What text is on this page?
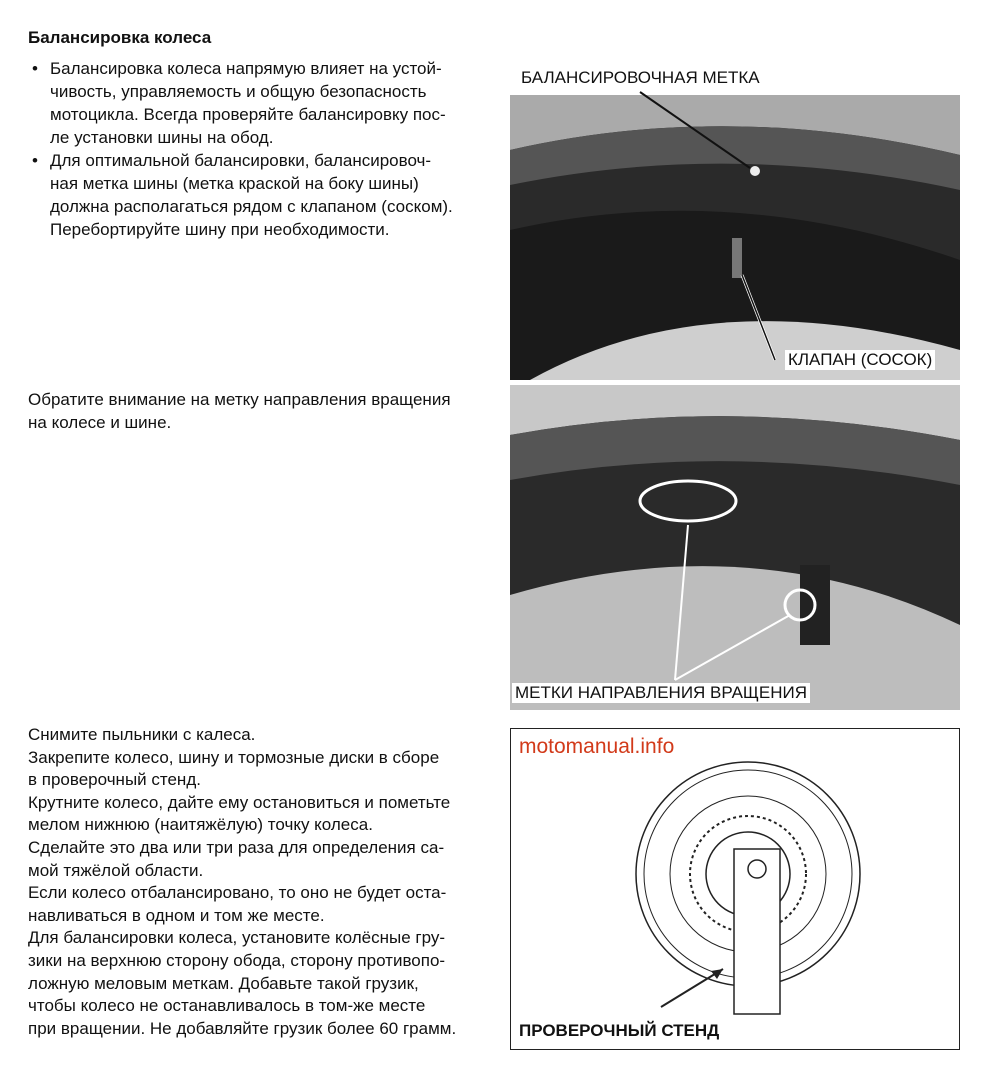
Балансировка колеса
• Балансировка колеса напрямую влияет на устой-
чивость, управляемость и общую безопасность
мотоцикла. Всегда проверяйте балансировку пос-
ле установки шины на обод.
• Для оптимальной балансировки, балансировоч-
ная метка шины (метка краской на боку шины)
должна располагаться рядом с клапаном (соском).
Перебортируйте шину при необходимости.
Обратите внимание на метку направления вращения
на колесе и шине.
Снимите пыльники с калеса.
Закрепите колесо, шину и тормозные диски в сборе
в проверочный стенд.
Крутните колесо, дайте ему остановиться и пометьте
мелом нижнюю (наитяжёлую) точку колеса.
Сделайте это два или три раза для определения са-
мой тяжёлой области.
Если колесо отбалансировано, то оно не будет оста-
навливаться в одном и том же месте.
Для балансировки колеса, установите колёсные гру-
зики на верхнюю сторону обода, сторону противопо-
ложную меловым меткам. Добавьте такой грузик,
чтобы колесо не останавливалось в том-же месте
при вращении. Не добавляйте грузик более 60 грамм.
БАЛАНСИРОВОЧНАЯ МЕТКА
КЛАПАН (СОСОК)
МЕТКИ НАПРАВЛЕНИЯ ВРАЩЕНИЯ
motomanual.info
ПРОВЕРОЧНЫЙ СТЕНД
